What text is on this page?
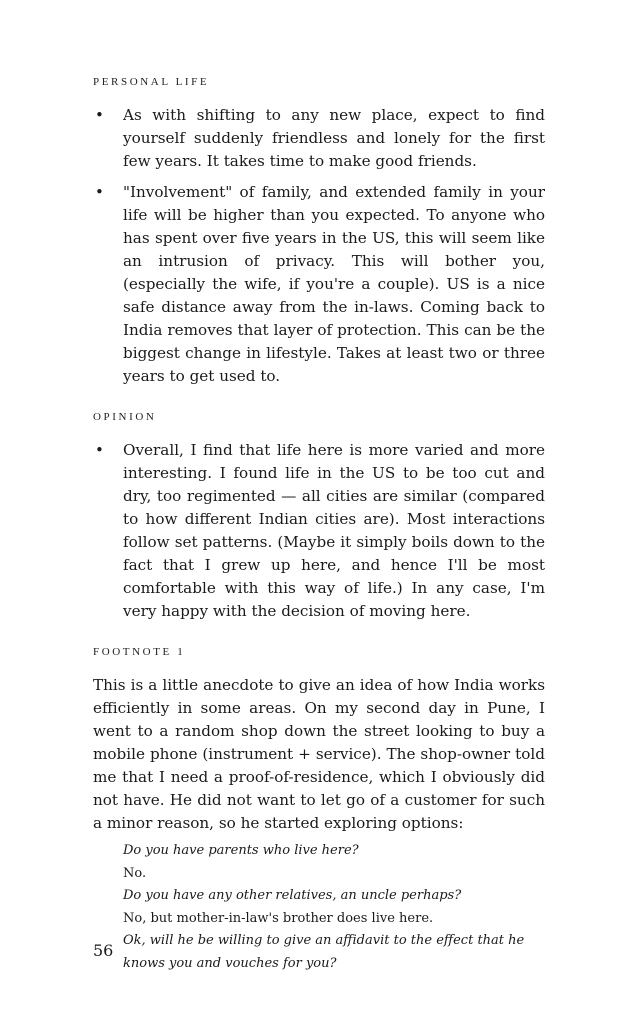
PERSONAL LIFE
• As with shifting to any new place, expect to find yourself suddenly friendless and lonely for the first few years. It takes time to make good friends.
• "Involvement" of family, and extended family in your life will be higher than you expected. To anyone who has spent over five years in the US, this will seem like an intrusion of privacy. This will bother you, (especially the wife, if you're a couple). US is a nice safe distance away from the in-laws. Coming back to India removes that layer of protection. This can be the biggest change in lifestyle. Takes at least two or three years to get used to.
OPINION
• Overall, I find that life here is more varied and more interesting. I found life in the US to be too cut and dry, too regimented — all cities are similar (compared to how different Indian cities are). Most interactions follow set patterns. (Maybe it simply boils down to the fact that I grew up here, and hence I'll be most comfortable with this way of life.) In any case, I'm very happy with the decision of moving here.
FOOTNOTE 1

This is a little anecdote to give an idea of how India works efficiently in some areas. On my second day in Pune, I went to a random shop down the street looking to buy a mobile phone (instrument + service). The shop-owner told me that I need a proof-of-residence, which I obviously did not have. He did not want to let go of a customer for such a minor reason, so he started exploring options:

Do you have parents who live here?
No.
Do you have any other relatives, an uncle perhaps?
No, but mother-in-law's brother does live here.
Ok, will he be willing to give an affidavit to the effect that he knows you and vouches for you?
56
